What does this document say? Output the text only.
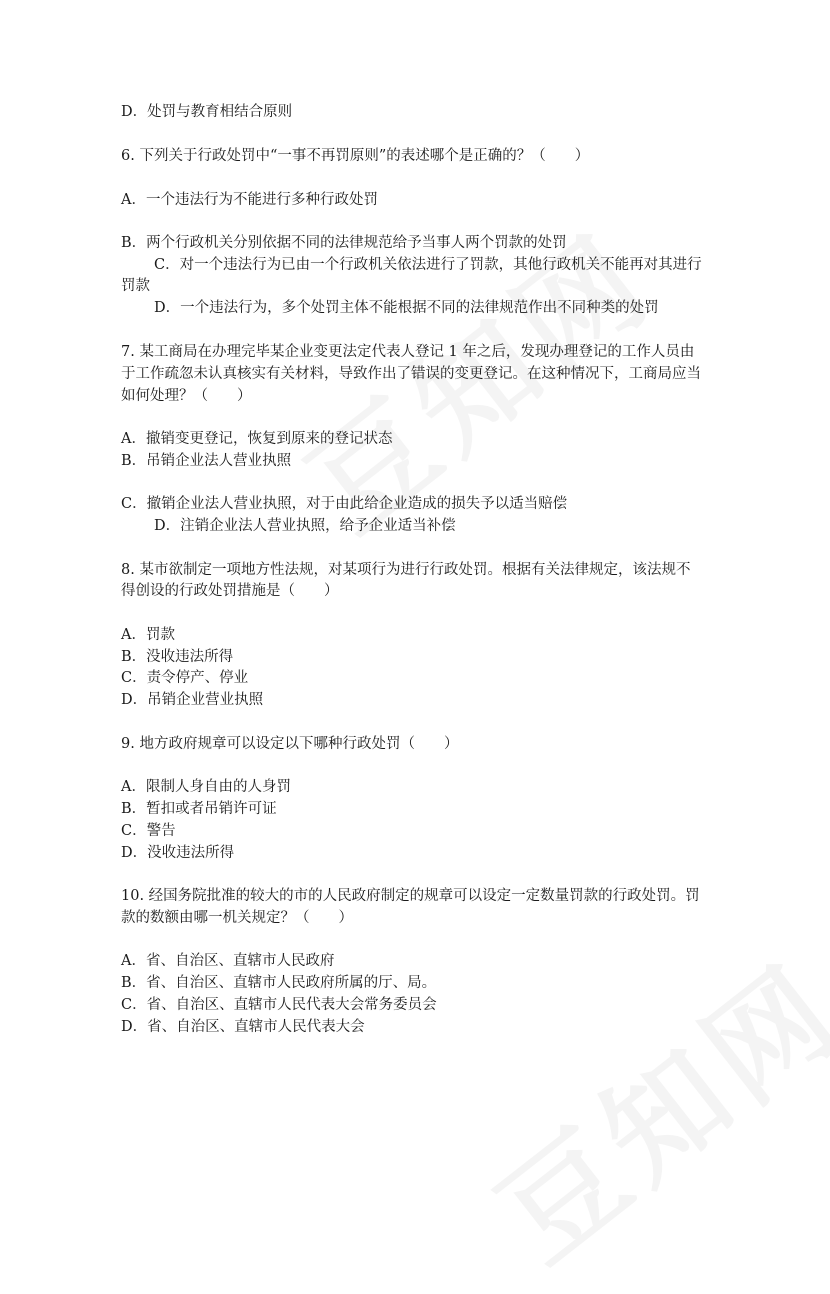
D．处罚与教育相结合原则
6. 下列关于行政处罚中“一事不再罚原则”的表述哪个是正确的？（　　）
A．一个违法行为不能进行多种行政处罚
B．两个行政机关分别依据不同的法律规范给予当事人两个罚款的处罚
C．对一个违法行为已由一个行政机关依法进行了罚款，其他行政机关不能再对其进行
罚款
D．一个违法行为，多个处罚主体不能根据不同的法律规范作出不同种类的处罚
7. 某工商局在办理完毕某企业变更法定代表人登记 1 年之后，发现办理登记的工作人员由
于工作疏忽未认真核实有关材料，导致作出了错误的变更登记。在这种情况下，工商局应当
如何处理？（　　）
A．撤销变更登记，恢复到原来的登记状态
B．吊销企业法人营业执照
C．撤销企业法人营业执照，对于由此给企业造成的损失予以适当赔偿
D．注销企业法人营业执照，给予企业适当补偿
8. 某市欲制定一项地方性法规，对某项行为进行行政处罚。根据有关法律规定，该法规不
得创设的行政处罚措施是（　　）
A．罚款
B．没收违法所得
C．责令停产、停业
D．吊销企业营业执照
9. 地方政府规章可以设定以下哪种行政处罚（　　）
A．限制人身自由的人身罚
B．暂扣或者吊销许可证
C．警告
D．没收违法所得
10. 经国务院批准的较大的市的人民政府制定的规章可以设定一定数量罚款的行政处罚。罚
款的数额由哪一机关规定？（　　）
A．省、自治区、直辖市人民政府
B．省、自治区、直辖市人民政府所属的厅、局。
C．省、自治区、直辖市人民代表大会常务委员会
D．省、自治区、直辖市人民代表大会
